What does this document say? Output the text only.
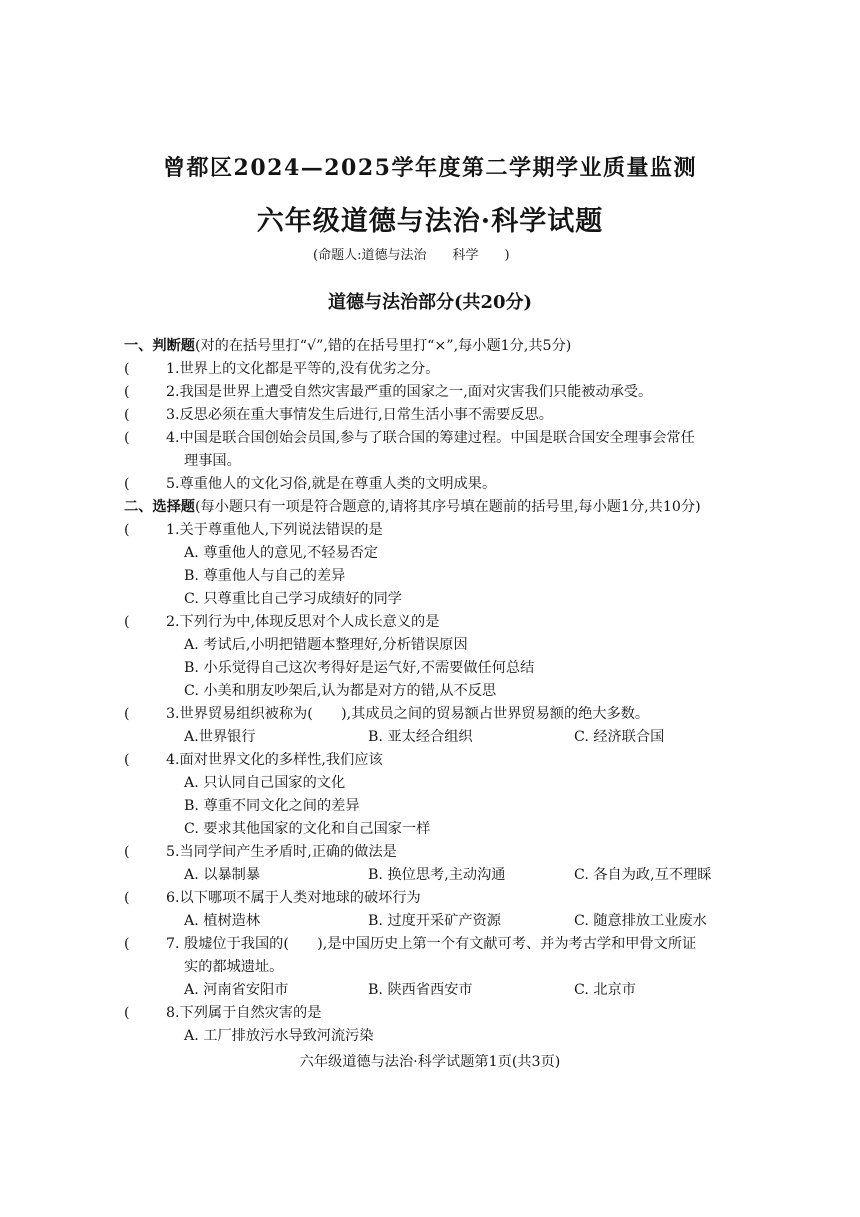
曾都区2024—2025学年度第二学期学业质量监测
六年级道德与法治·科学试题
(命题人:道德与法治　　科学　　)
道德与法治部分(共20分)
一、判断题(对的在括号里打“√”,错的在括号里打“×”,每小题1分,共5分)
(	1.世界上的文化都是平等的,没有优劣之分。
(	2.我国是世界上遭受自然灾害最严重的国家之一,面对灾害我们只能被动承受。
(	3.反思必须在重大事情发生后进行,日常生活小事不需要反思。
(	4.中国是联合国创始会员国,参与了联合国的筹建过程。中国是联合国安全理事会常任
理事国。
(	5.尊重他人的文化习俗,就是在尊重人类的文明成果。
二、选择题(每小题只有一项是符合题意的,请将其序号填在题前的括号里,每小题1分,共10分)
(	1.关于尊重他人,下列说法错误的是
A. 尊重他人的意见,不轻易否定
B. 尊重他人与自己的差异
C. 只尊重比自己学习成绩好的同学
(	2.下列行为中,体现反思对个人成长意义的是
A. 考试后,小明把错题本整理好,分析错误原因
B. 小乐觉得自己这次考得好是运气好,不需要做任何总结
C. 小美和朋友吵架后,认为都是对方的错,从不反思
(	3.世界贸易组织被称为(　　),其成员之间的贸易额占世界贸易额的绝大多数。
A.世界银行	B. 亚太经合组织	C. 经济联合国
(	4.面对世界文化的多样性,我们应该
A. 只认同自己国家的文化
B. 尊重不同文化之间的差异
C. 要求其他国家的文化和自己国家一样
(	5.当同学间产生矛盾时,正确的做法是
A. 以暴制暴	B. 换位思考,主动沟通	C. 各自为政,互不理睬
(	6.以下哪项不属于人类对地球的破坏行为
A. 植树造林	B. 过度开采矿产资源	C. 随意排放工业废水
(	7. 殷墟位于我国的(　　),是中国历史上第一个有文献可考、并为考古学和甲骨文所证
实的都城遗址。
A. 河南省安阳市	B. 陕西省西安市	C. 北京市
(	8.下列属于自然灾害的是
A. 工厂排放污水导致河流污染
六年级道德与法治·科学试题第1页(共3页)
